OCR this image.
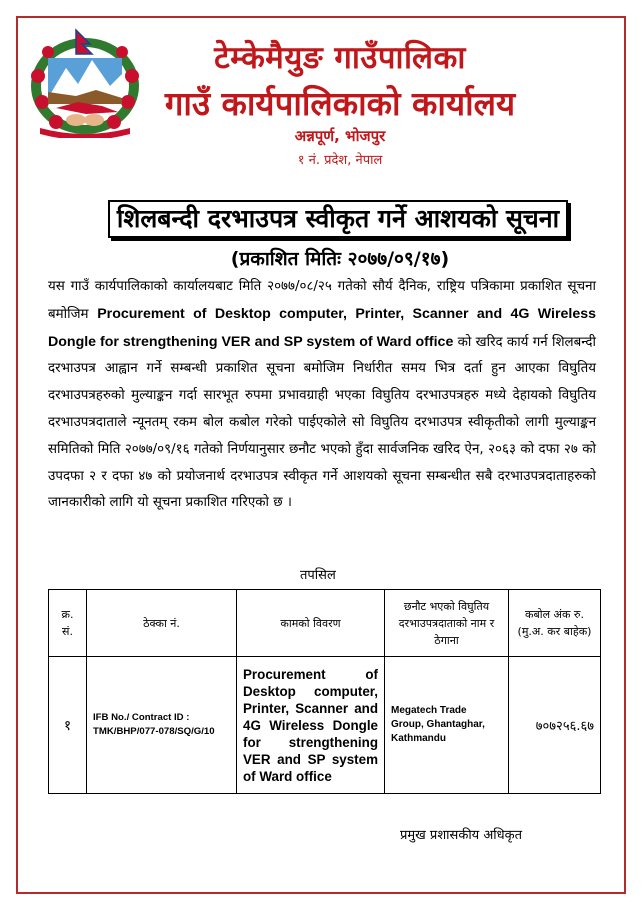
टेम्केमैयुङ गाउँपालिका
गाउँ कार्यपालिकाको कार्यालय
अन्नपूर्ण, भोजपुर
१ नं. प्रदेश, नेपाल
शिलबन्दी दरभाउपत्र स्वीकृत गर्ने आशयको सूचना
(प्रकाशित मितिः २०७७/०९/१७)
यस गाउँ कार्यपालिकाको कार्यालयबाट मिति २०७७/०८/२५ गतेको सौर्य दैनिक, राष्ट्रिय पत्रिकामा प्रकाशित सूचना बमोजिम Procurement of Desktop computer, Printer, Scanner and 4G Wireless Dongle for strengthening VER and SP system of Ward office को खरिद कार्य गर्न शिलबन्दी दरभाउपत्र आह्वान गर्ने सम्बन्धी प्रकाशित सूचना बमोजिम निर्धारीत समय भित्र दर्ता हुन आएका विघुतिय दरभाउपत्रहरुको मुल्याङ्कन गर्दा सारभूत रुपमा प्रभावग्राही भएका विघुतिय दरभाउपत्रहरु मध्ये देहायको विघुतिय दरभाउपत्रदाताले न्यूनतम् रकम बोल कबोल गरेको पाईएकोले सो विघुतिय दरभाउपत्र स्वीकृतीको लागी मुल्याङ्कन समितिको मिति २०७७/०९/१६ गतेको निर्णयानुसार छनौट भएको हुँदा सार्वजनिक खरिद ऐन, २०६३ को दफा २७ को उपदफा २ र दफा ४७ को प्रयोजनार्थ दरभाउपत्र स्वीकृत गर्ने आशयको सूचना सम्बन्धीत सबै दरभाउपत्रदाताहरुको जानकारीको लागि यो सूचना प्रकाशित गरिएको छ ।
तपसिल
क्र. सं.	ठेक्का नं.	कामको विवरण	छनौट भएको विघुतिय दरभाउपत्रदाताको नाम र ठेगाना	कबोल अंक रु. (मु.अ. कर बाहेक)
१	IFB No./ Contract ID : TMK/BHP/077-078/SQ/G/10	Procurement of Desktop computer, Printer, Scanner and 4G Wireless Dongle for strengthening VER and SP system of Ward office	Megatech Trade Group, Ghantaghar, Kathmandu	७०७२५६.६७
प्रमुख प्रशासकीय अधिकृत
